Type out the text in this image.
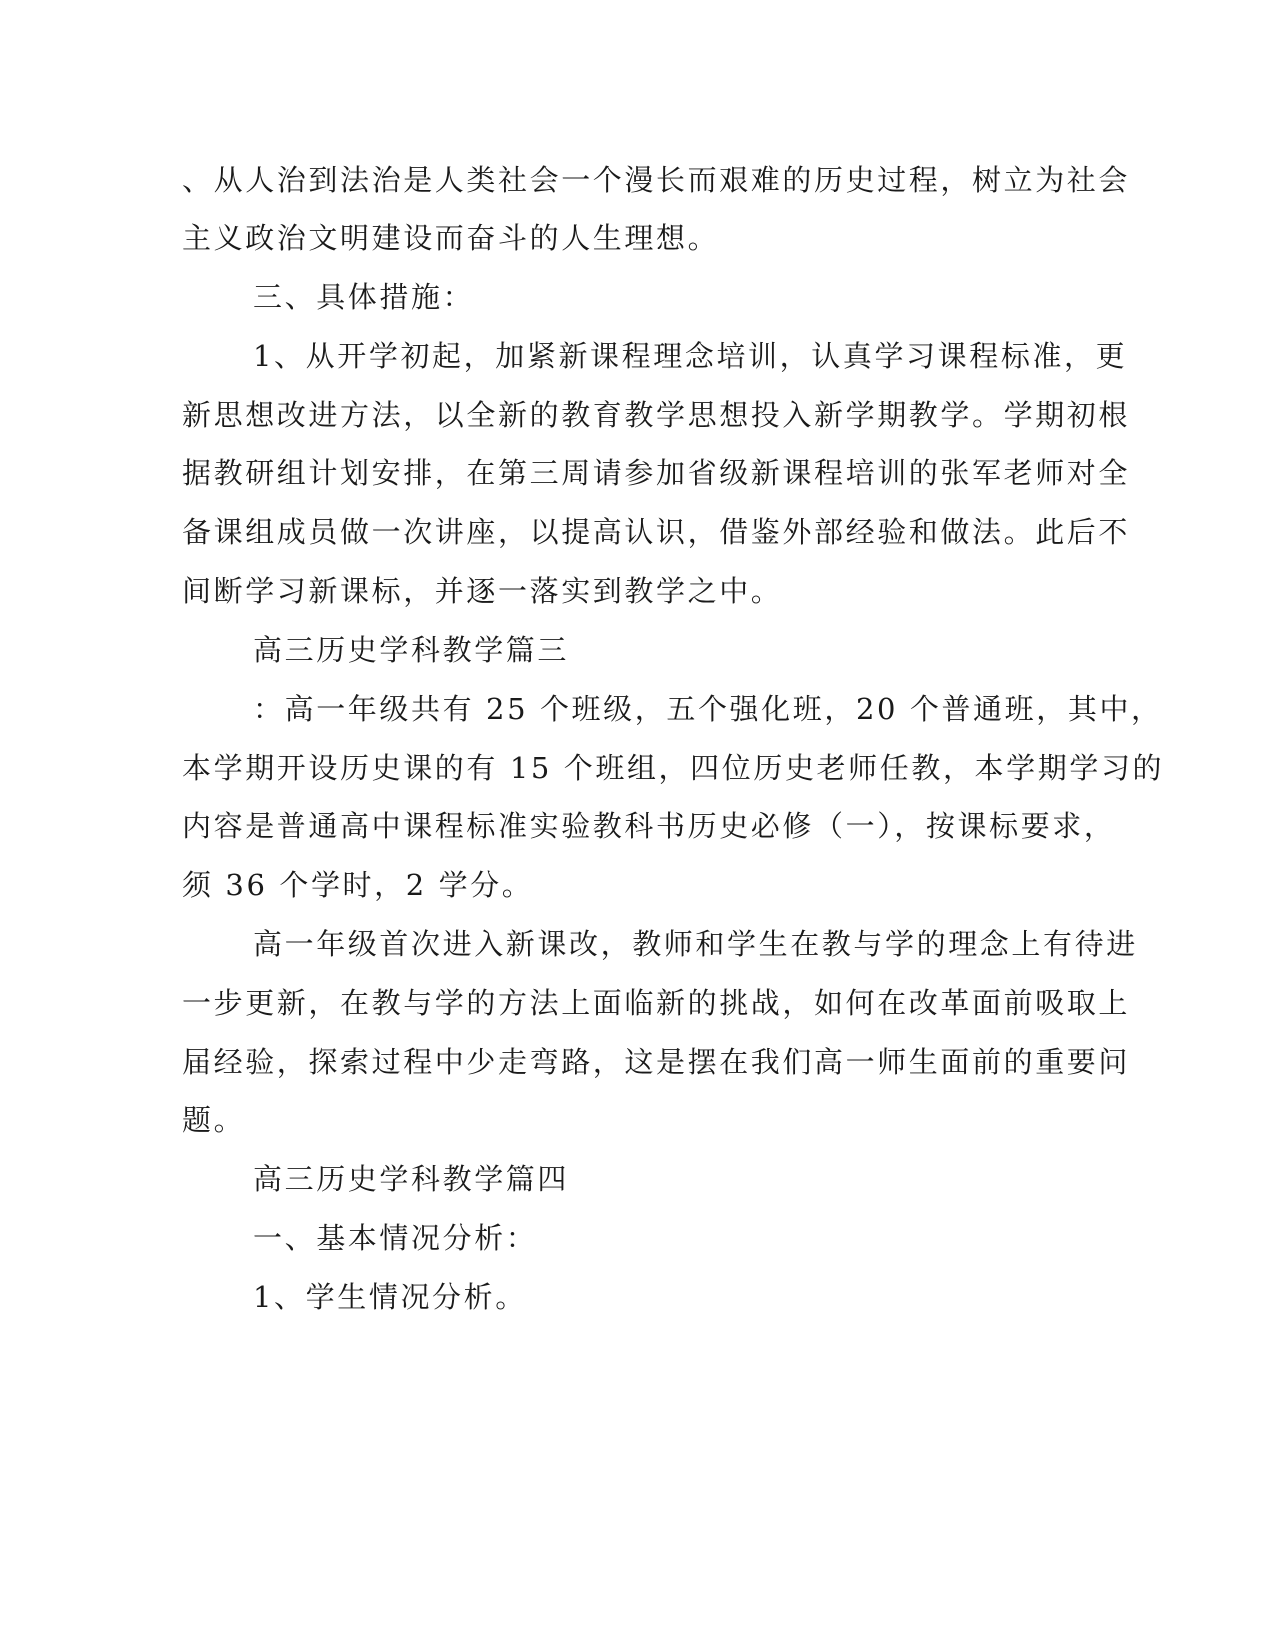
、从人治到法治是人类社会一个漫长而艰难的历史过程，树立为社会
主义政治文明建设而奋斗的人生理想。
三、具体措施：
1、从开学初起，加紧新课程理念培训，认真学习课程标准，更
新思想改进方法，以全新的教育教学思想投入新学期教学。学期初根
据教研组计划安排，在第三周请参加省级新课程培训的张军老师对全
备课组成员做一次讲座，以提高认识，借鉴外部经验和做法。此后不
间断学习新课标，并逐一落实到教学之中。
高三历史学科教学篇三
：高一年级共有 25 个班级，五个强化班，20 个普通班，其中，
本学期开设历史课的有 15 个班组，四位历史老师任教，本学期学习的
内容是普通高中课程标准实验教科书历史必修（一），按课标要求，
须 36 个学时，2 学分。
高一年级首次进入新课改，教师和学生在教与学的理念上有待进
一步更新，在教与学的方法上面临新的挑战，如何在改革面前吸取上
届经验，探索过程中少走弯路，这是摆在我们高一师生面前的重要问
题。
高三历史学科教学篇四
一、基本情况分析：
1、学生情况分析。
